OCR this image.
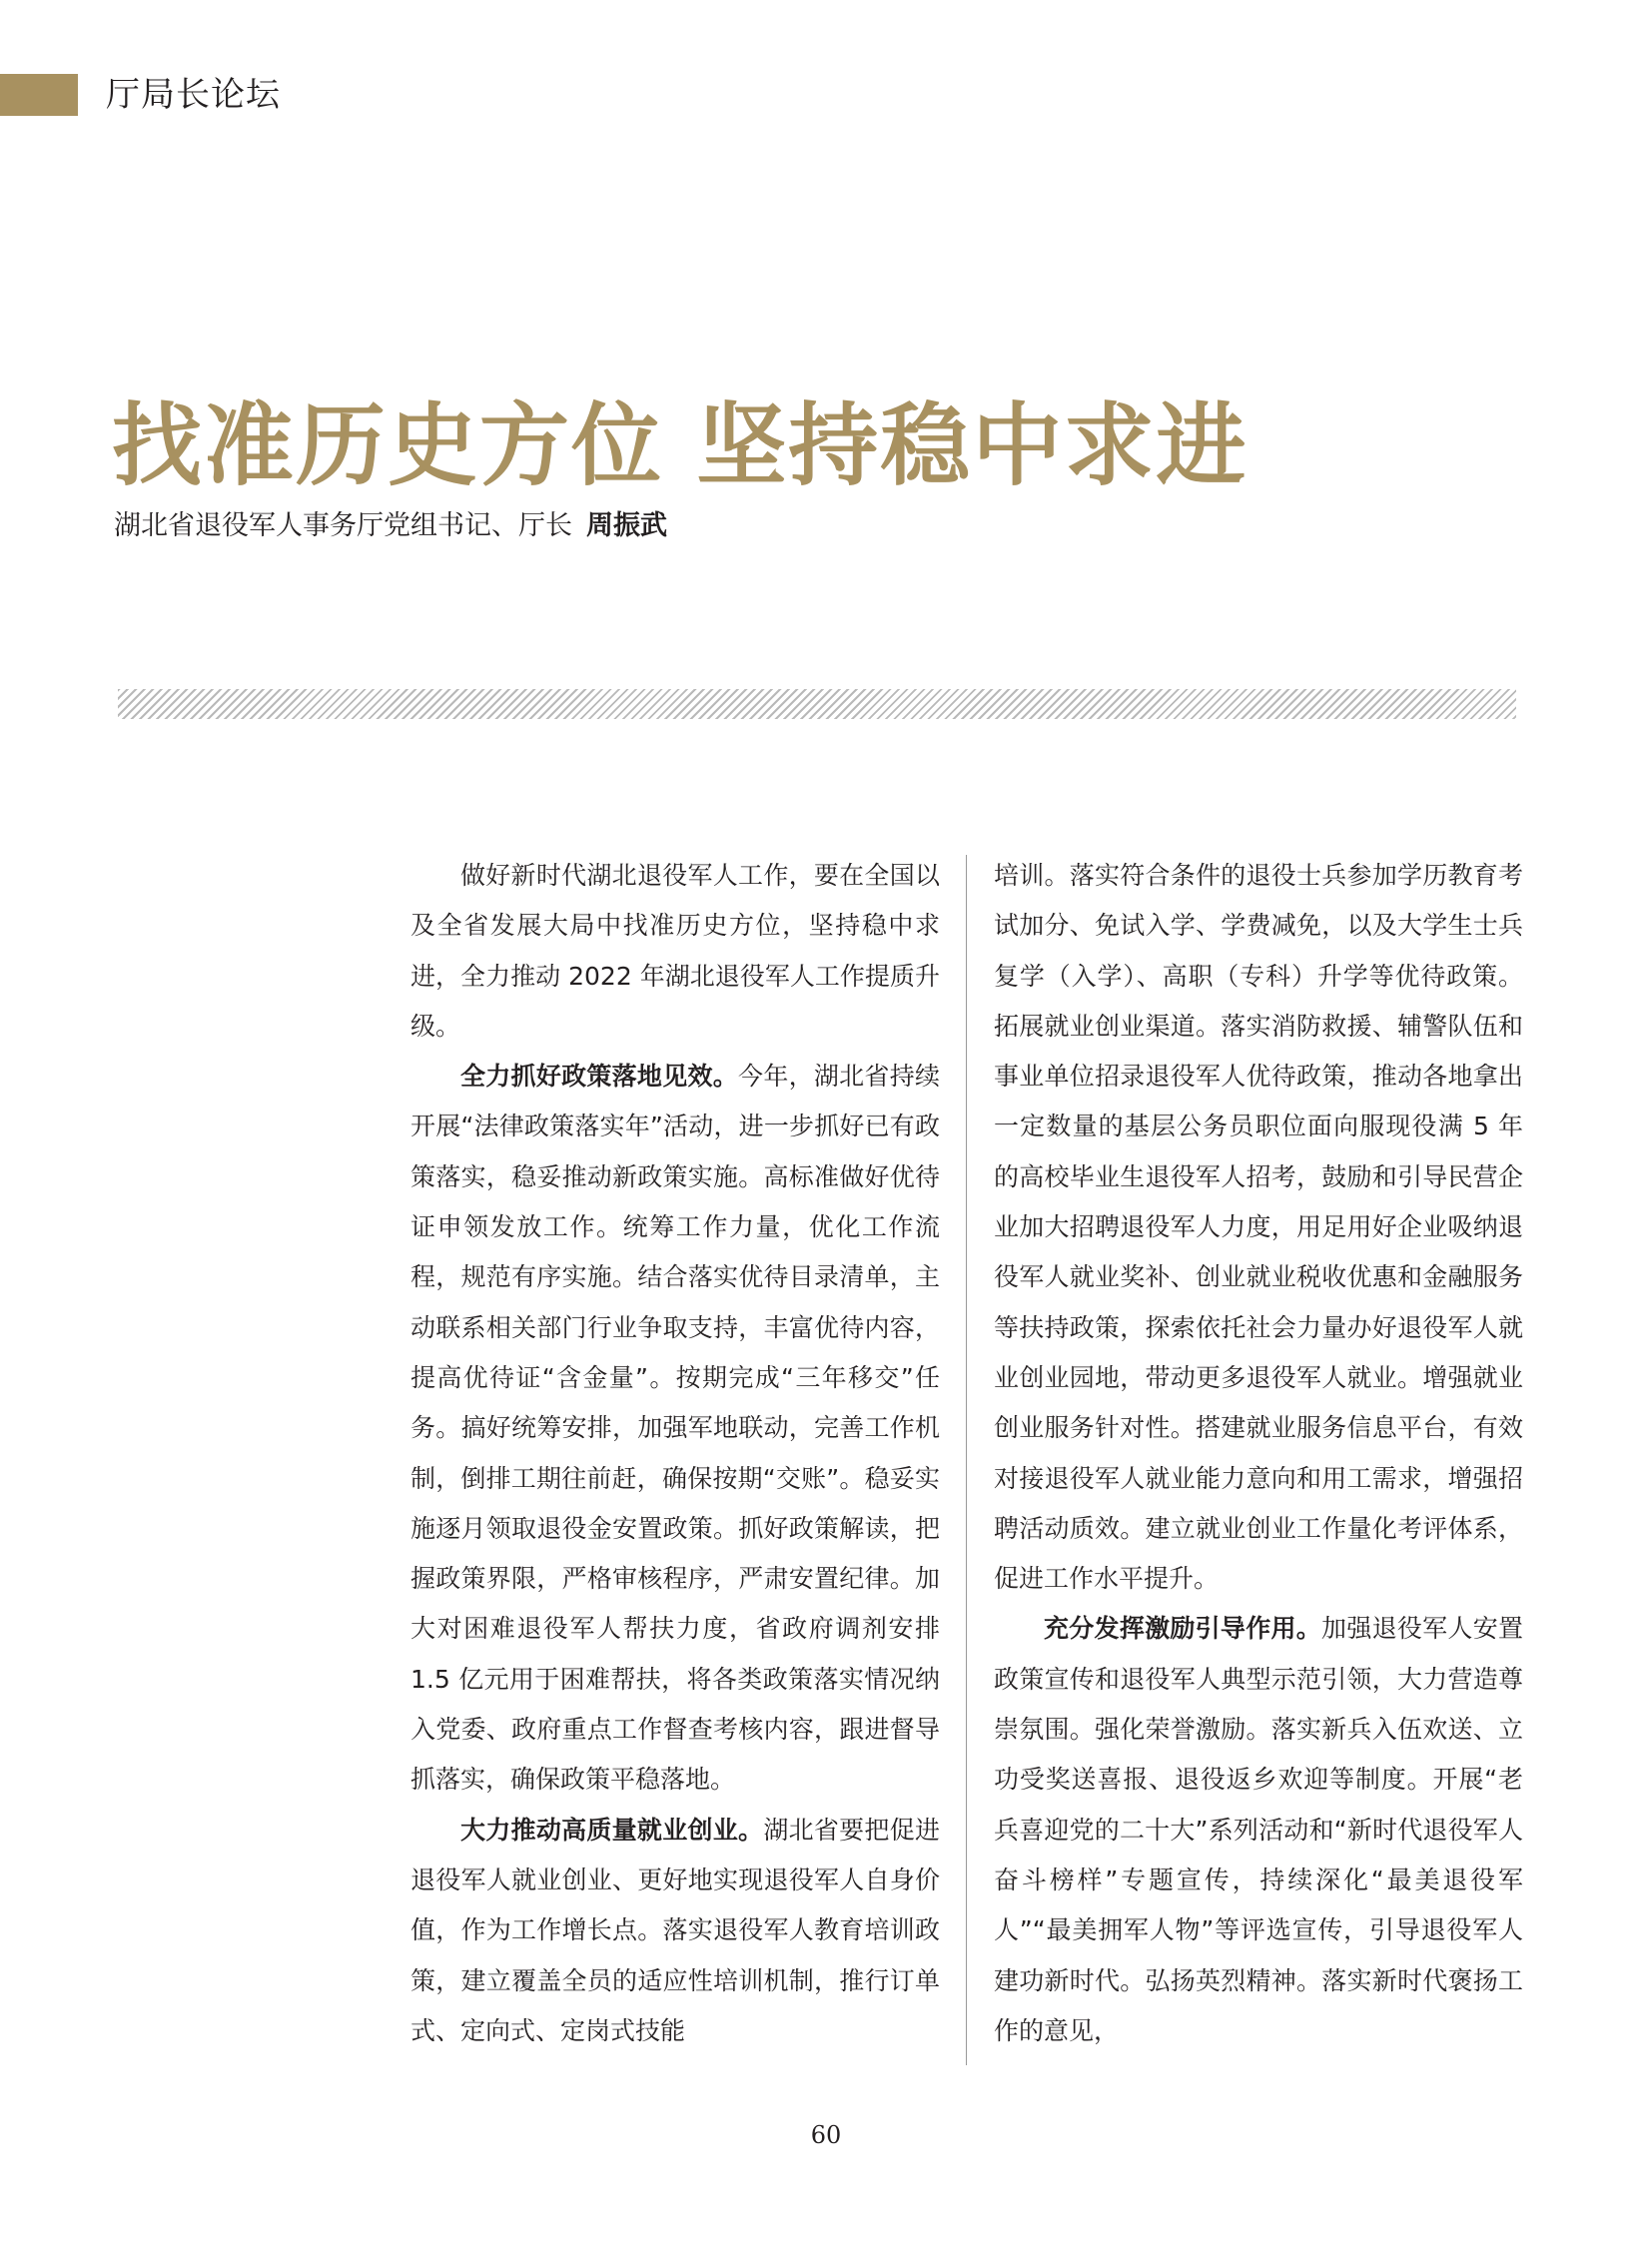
厅局长论坛
找准历史方位 坚持稳中求进
湖北省退役军人事务厅党组书记、厅长 周振武

做好新时代湖北退役军人工作，要在全国以及全省发展大局中找准历史方位，坚持稳中求进，全力推动 2022 年湖北退役军人工作提质升级。

全力抓好政策落地见效。今年，湖北省持续开展“法律政策落实年”活动，进一步抓好已有政策落实，稳妥推动新政策实施。高标准做好优待证申领发放工作。统筹工作力量，优化工作流程，规范有序实施。结合落实优待目录清单，主动联系相关部门行业争取支持，丰富优待内容，提高优待证“含金量”。按期完成“三年移交”任务。搞好统筹安排，加强军地联动，完善工作机制，倒排工期往前赶，确保按期“交账”。稳妥实施逐月领取退役金安置政策。抓好政策解读，把握政策界限，严格审核程序，严肃安置纪律。加大对困难退役军人帮扶力度，省政府调剂安排 1.5 亿元用于困难帮扶，将各类政策落实情况纳入党委、政府重点工作督查考核内容，跟进督导抓落实，确保政策平稳落地。

大力推动高质量就业创业。湖北省要把促进退役军人就业创业、更好地实现退役军人自身价值，作为工作增长点。落实退役军人教育培训政策，建立覆盖全员的适应性培训机制，推行订单式、定向式、定岗式技能

培训。落实符合条件的退役士兵参加学历教育考试加分、免试入学、学费减免，以及大学生士兵复学（入学）、高职（专科）升学等优待政策。拓展就业创业渠道。落实消防救援、辅警队伍和事业单位招录退役军人优待政策，推动各地拿出一定数量的基层公务员职位面向服现役满 5 年的高校毕业生退役军人招考，鼓励和引导民营企业加大招聘退役军人力度，用足用好企业吸纳退役军人就业奖补、创业就业税收优惠和金融服务等扶持政策，探索依托社会力量办好退役军人就业创业园地，带动更多退役军人就业。增强就业创业服务针对性。搭建就业服务信息平台，有效对接退役军人就业能力意向和用工需求，增强招聘活动质效。建立就业创业工作量化考评体系，促进工作水平提升。

充分发挥激励引导作用。加强退役军人安置政策宣传和退役军人典型示范引领，大力营造尊崇氛围。强化荣誉激励。落实新兵入伍欢送、立功受奖送喜报、退役返乡欢迎等制度。开展“老兵喜迎党的二十大”系列活动和“新时代退役军人奋斗榜样”专题宣传，持续深化“最美退役军人”“最美拥军人物”等评选宣传，引导退役军人建功新时代。弘扬英烈精神。落实新时代褒扬工作的意见，

60
